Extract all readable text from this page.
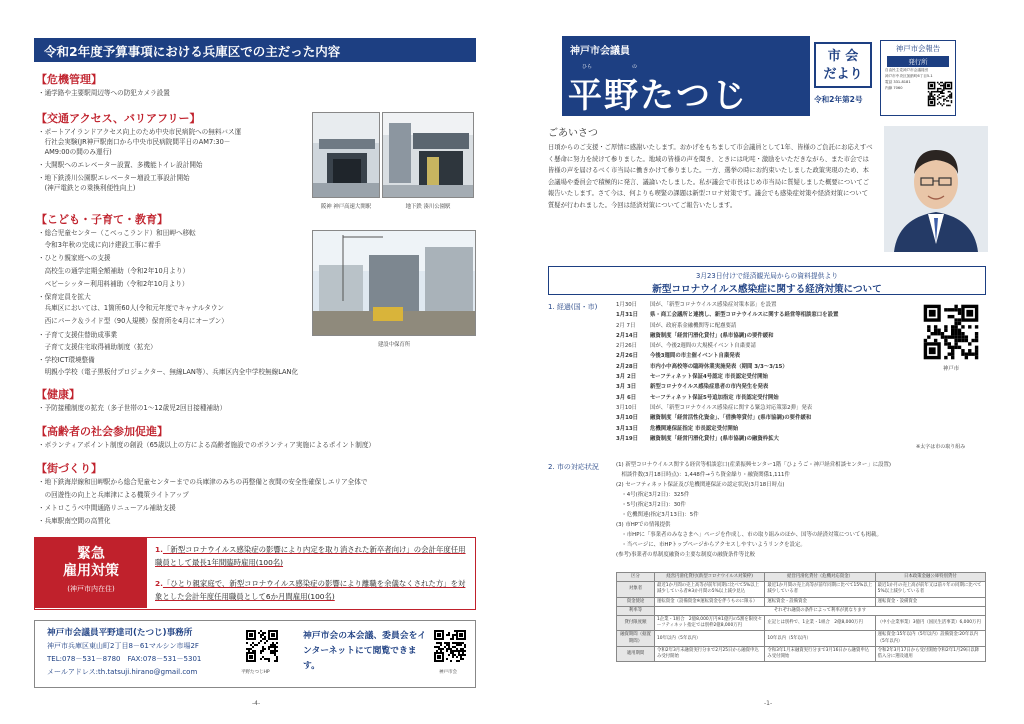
令和2年度予算事項における兵庫区での主だった内容
【危機管理】
・通学路や主要駅周辺等への防犯カメラ設置
【交通アクセス、バリアフリー】
・ポートアイランドアクセス向上のため中央市民病院への無料バス運
　行社会実験(JR神戸駅南口から中央市民病院間平日のAM7:30－
　AM9:00の間のみ運行)
・大開駅へのエレベーター設置、多機能トイレ設計開始
・地下鉄湊川公園駅エレベーター増設工事設計開始
　(神戸電鉄との乗換利便性向上)
阪神 神戸高速大開駅	地下鉄 湊川公園駅
【こども・子育て・教育】
・総合児童センター（こべっこランド）和田岬へ移転
　令和3年秋の完成に向け建設工事に着手
・ひとり親家庭への支援
　高校生の通学定期全額補助（令和2年10月より）
　ベビーシッター利用料補助（令和2年10月より）
・保育定員を拡大
　兵庫区においては、1箇所60人(令和元年度でキャナルタウン
　西にパーク＆ライド型（90人規模）保育所を4月にオープン）
・子育て支援住替助成事業
　子育て支援住宅取得補助制度（拡充）
・学校ICT環境整備
　明親小学校（電子黒板付プロジェクター、無線LAN等）、兵庫区内全中学校無線LAN化
建設中保育所
【健康】
・予防接種制度の拡充（多子世帯の1～12歳児2回目接種補助）
【高齢者の社会参加促進】
・ボランティアポイント制度の創設（65歳以上の方による高齢者施設でのボランティア実施によるポイント制度）
【街づくり】
・地下鉄海岸線和田岬駅から総合児童センターまでの兵庫津のみちの再整備と夜間の安全性確保しエリア全体で
　の回遊性の向上と兵庫津による機策ライトアップ
・メトロこうべ中間通路リニューアル補助支援
・兵庫駅南空間の高質化
緊急
雇用対策
(神戸市内在住)
1.「新型コロナウイルス感染症の影響により内定を取り消された新卒者向け」の会計年度任用職員として最長1年間臨時雇用(100名)
2.「ひとり親家庭で、新型コロナウイルス感染症の影響により離職を余儀なくされた方」を対象とした会計年度任用職員として6か月間雇用(100名)
神戸市会議員平野達司(たつじ)事務所
神戸市兵庫区東山町2丁目8－61マルシン市場2F
TEL:078－531－8780　FAX:078－531－5301
メールアドレス:th.tatsuji.hirano@gmail.com	平野たつじHP
神戸市会の本会議、委員会をインターネットにて閲覧できます。
神戸市会
-4-
神戸市会議員
ひら	の
平野たつじ
市 会
だより
令和2年第2号
神戸市会報告
発行所
自由民主党神戸市会議員団
神戸市中央区加納町6丁目5-1
電話 331-8181
内線 7060
ごあいさつ
日頃からのご支援・ご厚情に感謝いたします。おかげをもちまして市会議員として1年、皆様のご負託にお応えすべく懸命に努力を続けて参りました。地域の皆様の声を聞き、ときには叱咤・激励をいただきながら、また市会では皆様の声を届けるべく市当局に働きかけて参りました。一方、選挙の時にお約束いたしました政策実現のため、本会議場や委員会で積極的に発言、議論いたしました。私が議会で市長はじめ市当局に質疑しました概要についてご報告いたします。さて今は、何よりも喫緊の課題は新型コロナ対策です。議会でも感染症対策や経済対策について質疑が行われました。今回は経済対策についてご報告いたします。
3月23日付けで経済観光局からの資料提供より
新型コロナウイルス感染症に関する経済対策について
1. 経過(国・市)	1月30日 国が、「新型コロナウイルス感染症対策本部」を設置
1月31日 県・商工会議所と連携し、新型コロナウイルスに関する経営等相談窓口を設置
2月 7日	国が、政府系金融機関等に配慮要請
2月14日 融資制度「経営円滑化貸付」(県市協調)の要件緩和
2月26日 国が、今後2週間の大規模イベント自粛要請
2月26日 今後3週間の市主催イベント自粛発表
2月28日 市内小中高校等の臨時休業実施発表（期間 3/3～3/15）
3月 2日	セーフティネット保証4号認定 市長認定受付開始
3月 3日	新型コロナウイルス感染症患者の市内発生を発表
3月 6日	セーフティネット保証5号追加指定 市長認定受付開始
3月10日 国が、「新型コロナウイルス感染症に関する緊急対応策第2弾」発表
3月10日 融資制度「経営活性化資金」、「借換等貸付」(県市協調)の要件緩和
3月13日 危機関連保証指定 市長認定受付開始
3月19日 融資制度「経営円滑化貸付」(県市協調)の融資枠拡大
神戸市
※太字は市の取り組み
2. 市の対応状況	(1) 新型コロナウイルス関する経営等相談窓口(産業振興センター1階「ひょうご・神戸経営相談センター」に設置)
　相談件数(3月18日時点)：1,448件→うち資金繰り・融資関係1,111件
(2) セーフティネット保証及び危機関連保証の認定状況(3月18日時点)
　・4号(指定3月2日)：325件
　・5号(指定3月2日)：30件
　・危機関連(指定3月13日)：5件
(3) 市HPでの情報提供
　・市HPに「事業者のみなさまへ」ページを作成し、市の取り組みのほか、国等の経済対策についても掲載。
　・当ページに、市HPトップページからアクセスしやすいようリンクを設定。
(参考)事業者の県制度融資の主要な制度の融資条件等比較
区分	経営円滑化貸付(新型コロナウイルス対策枠)	経営円滑化貸付（危機対応資金）	日本政策金融公庫特別貸付
対象者	最近1か月間の売上高等が前年同期に比べて5%以上減少している者※3か月間の5%以上減少見込	最近1か月間の売上高等が前年同期に比べて15%以上減少している者	最近1か月の売上高が前年又は前々年の同期に比べて5%以上減少している者
資金使途	運転資金（設備資金※運転資金を伴うものに限る）	運転資金・設備資金	運転資金・設備資金
利率等	それぞれ融資の条件によって利率が異なります		
貸付限度額	1企業・1組合　2億8,000万円※1億円の5割を限度セーフティネット指定では別枠2億8,000万円	左記とは別枠で、1企業・1組合　2億8,000万円	（中小企業事業）3億円（国民生活事業）6,000万円
融資期間（据置期間）	10年以内（5年以内）	10年以内（5年以内）	運転資金:15年以内（5年以内）設備資金:20年以内（5年以内）
適用期間	令和2年3月末融資実行分まで2月25日から融資申込み受付開始	令和3年1月末融資実行分まで3月16日から融資申込み受付開始	令和2年3月17日から受付開始令和2年1月29日以降借入分に遡及適用
-1-
